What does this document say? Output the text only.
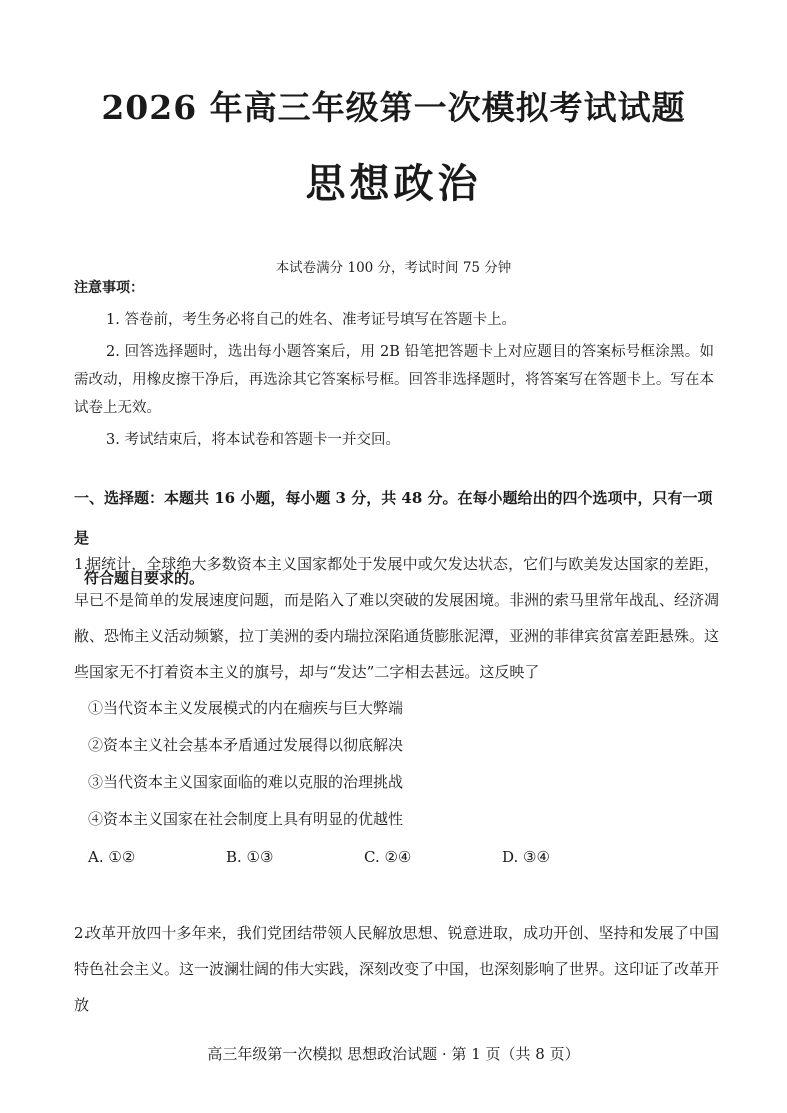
2026 年高三年级第一次模拟考试试题
思想政治
本试卷满分 100 分，考试时间 75 分钟
注意事项：

1. 答卷前，考生务必将自己的姓名、准考证号填写在答题卡上。

2. 回答选择题时，选出每小题答案后，用 2B 铅笔把答题卡上对应题目的答案标号框涂黑。如需改动，用橡皮擦干净后，再选涂其它答案标号框。回答非选择题时，将答案写在答题卡上。写在本试卷上无效。

3. 考试结束后，将本试卷和答题卡一并交回。

一、选择题：本题共 16 小题，每小题 3 分，共 48 分。在每小题给出的四个选项中，只有一项是
符合题目要求的。

1.据统计，全球绝大多数资本主义国家都处于发展中或欠发达状态，它们与欧美发达国家的差距，早已不是简单的发展速度问题，而是陷入了难以突破的发展困境。非洲的索马里常年战乱、经济凋敝、恐怖主义活动频繁，拉丁美洲的委内瑞拉深陷通货膨胀泥潭，亚洲的菲律宾贫富差距悬殊。这些国家无不打着资本主义的旗号，却与“发达”二字相去甚远。这反映了

①当代资本主义发展模式的内在痼疾与巨大弊端
②资本主义社会基本矛盾通过发展得以彻底解决
③当代资本主义国家面临的难以克服的治理挑战
④资本主义国家在社会制度上具有明显的优越性
A. ①②	B. ①③	C. ②④	D. ③④

2.改革开放四十多年来，我们党团结带领人民解放思想、锐意进取，成功开创、坚持和发展了中国特色社会主义。这一波澜壮阔的伟大实践，深刻改变了中国，也深刻影响了世界。这印证了改革开放

高三年级第一次模拟 思想政治试题 · 第 1 页（共 8 页）
